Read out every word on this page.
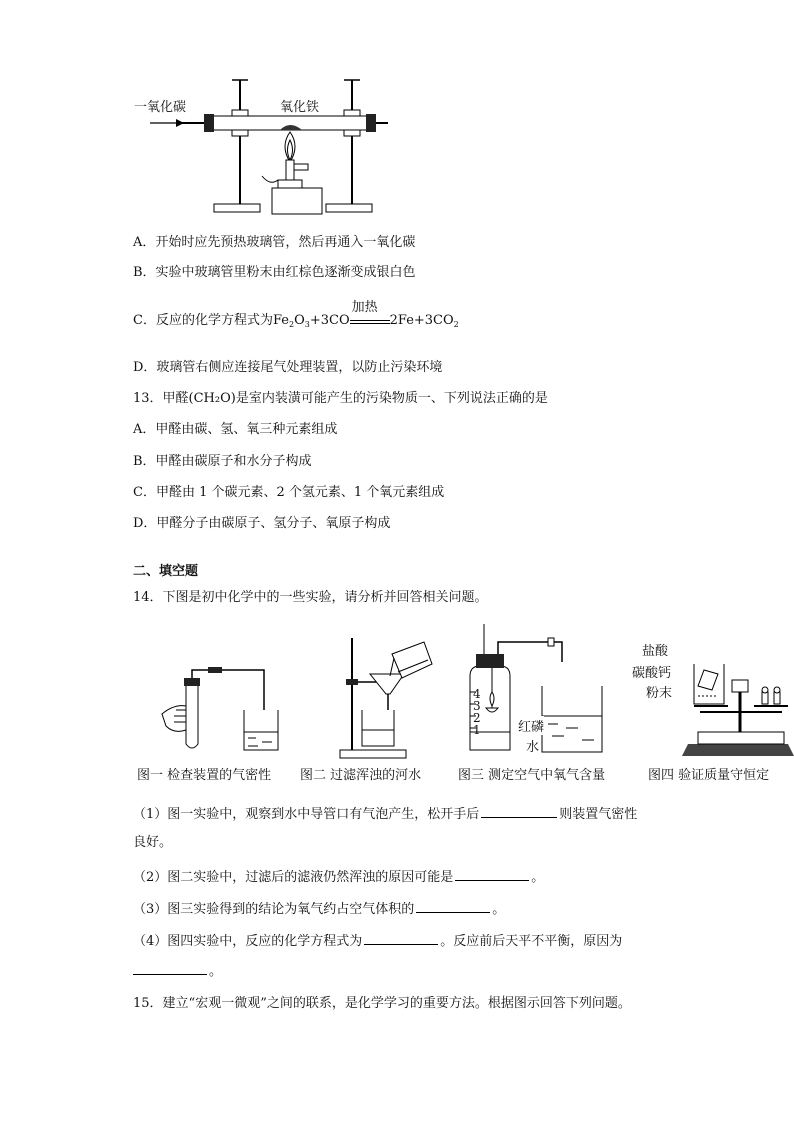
一氧化碳	氧化铁
A．开始时应先预热玻璃管，然后再通入一氧化碳
B．实验中玻璃管里粉末由红棕色逐渐变成银白色
C．反应的化学方程式为$Fe_2O_3+3CO$
加热
$2Fe+3CO_2$
D．玻璃管右侧应连接尾气处理装置，以防止污染环境
13．甲醛(CH₂O)是室内装潢可能产生的污染物质一、下列说法正确的是
A．甲醛由碳、氢、氧三种元素组成
B．甲醛由碳原子和水分子构成
C．甲醛由 1 个碳元素、2 个氢元素、1 个氧元素组成
D．甲醛分子由碳原子、氢分子、氧原子构成
二、填空题
14．下图是初中化学中的一些实验，请分析并回答相关问题。
4
3
2
1	红磷
水
盐酸
碳酸钙
粉末
图一 检查装置的气密性 图二 过滤浑浊的河水	图三 测定空气中氧气含量	图四 验证质量守恒定
（1）图一实验中，观察到水中导管口有气泡产生，松开手后	则装置气密性
良好。
（2）图二实验中，过滤后的滤液仍然浑浊的原因可能是	。
（3）图三实验得到的结论为氧气约占空气体积的	。
（4）图四实验中，反应的化学方程式为	。反应前后天平不平衡，原因为
。
15．建立“宏观一微观”之间的联系，是化学学习的重要方法。根据图示回答下列问题。
